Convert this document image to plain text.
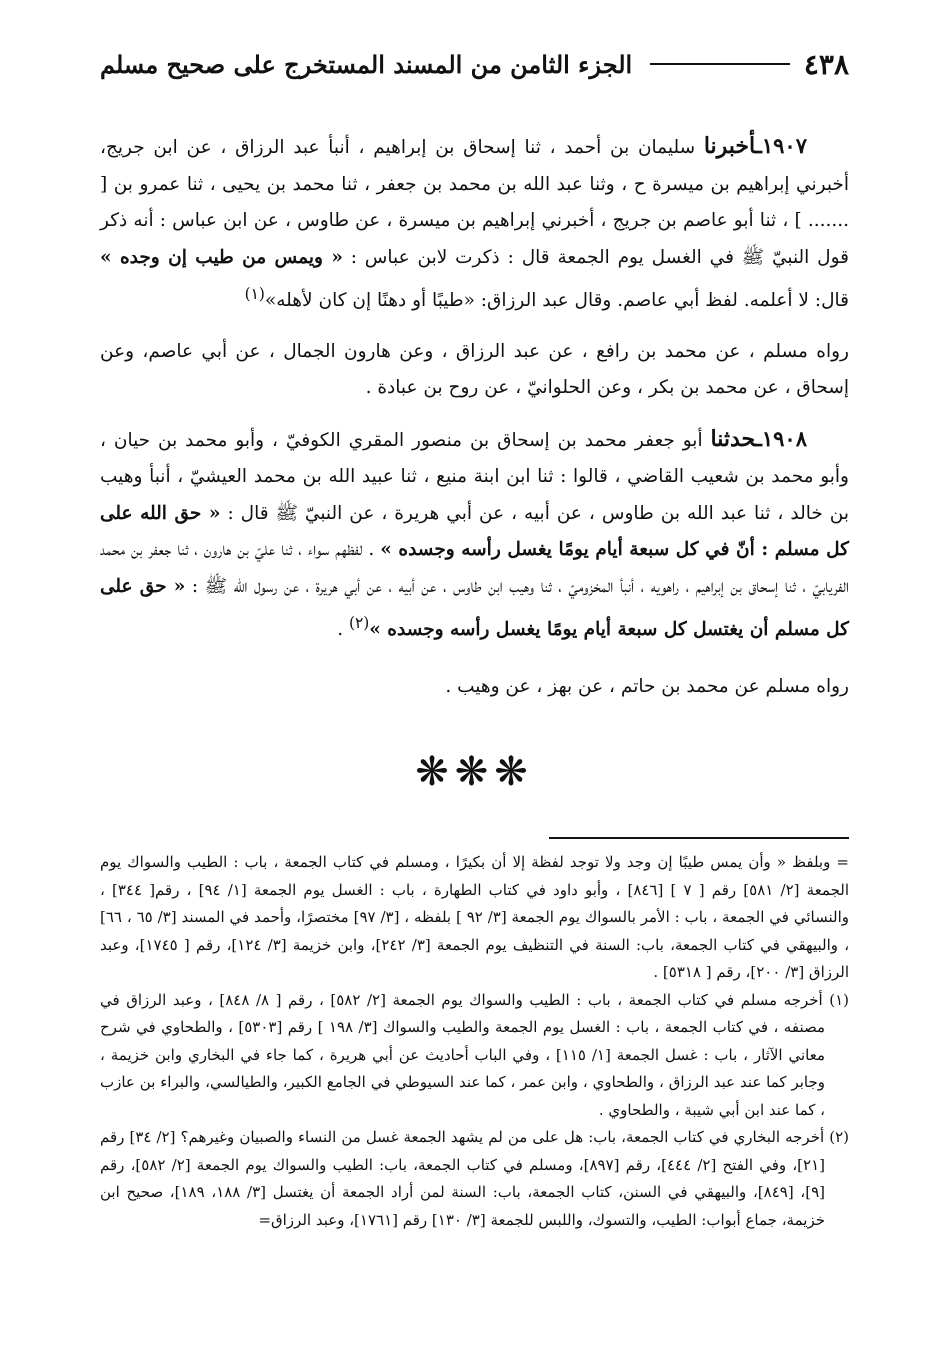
٤٣٨
الجزء الثامن من المسند المستخرج على صحيح مسلم

١٩٠٧ـأخبرنا سليمان بن أحمد ، ثنا إسحاق بن إبراهيم ، أنبأ عبد الرزاق ، عن ابن جريج، أخبرني إبراهيم بن ميسرة ح ، وثنا عبد الله بن محمد بن جعفر ، ثنا محمد بن يحيى ، ثنا عمرو بن [ ....... ] ، ثنا أبو عاصم بن جريج ، أخبرني إبراهيم بن ميسرة ، عن طاوس ، عن ابن عباس : أنه ذكر قول النبيّ ﷺ في الغسل يوم الجمعة قال : ذكرت لابن عباس : « ويمس من طيب إن وجده » قال: لا أعلمه. لفظ أبي عاصم. وقال عبد الرزاق: «طيبًا أو دهنًا إن كان لأهله»$^{(١)}$

رواه مسلم ، عن محمد بن رافع ، عن عبد الرزاق ، وعن هارون الجمال ، عن أبي عاصم، وعن إسحاق ، عن محمد بن بكر ، وعن الحلوانيّ ، عن روح بن عبادة .

١٩٠٨ـحدثنا أبو جعفر محمد بن إسحاق بن منصور المقري الكوفيّ ، وأبو محمد بن حيان ، وأبو محمد بن شعيب القاضي ، قالوا : ثنا ابن ابنة منيع ، ثنا عبيد الله بن محمد العيشيّ ، أنبأ وهيب بن خالد ، ثنا عبد الله بن طاوس ، عن أبيه ، عن أبي هريرة ، عن النبيّ ﷺ قال : « حق الله على كل مسلم : أنّ في كل سبعة أيام يومًا يغسل رأسه وجسده » . لفظهم سواء ، ثنا عليّ بن هارون ، ثنا جعفر بن محمد الفريابيّ ، ثنا إسحاق بن إبراهيم ، راهويه ، أنبأ المخزوميّ ، ثنا وهيب ابن طاوس ، عن أبيه ، عن أبي هريرة ، عن رسول الله ﷺ : « حق على كل مسلم أن يغتسل كل سبعة أيام يومًا يغسل رأسه وجسده »$^{(٢)}$ .

رواه مسلم عن محمد بن حاتم ، عن بهز ، عن وهيب .

❋❋❋

= وبلفظ « وأن يمس طيبًا إن وجد ولا توجد لفظة إلا أن بكيرًا ، ومسلم في كتاب الجمعة ، باب : الطيب والسواك يوم الجمعة [٢/ ٥٨١] رقم [ ٧ ] [٨٤٦] ، وأبو داود في كتاب الطهارة ، باب : الغسل يوم الجمعة [١/ ٩٤] ، رقم[ ٣٤٤] ، والنسائي في الجمعة ، باب : الأمر بالسواك يوم الجمعة [٣/ ٩٢ ] بلفظه ، [٣/ ٩٧] مختصرًا، وأحمد في المسند [٣/ ٦٥ ، ٦٦] ، والبيهقي في كتاب الجمعة، باب: السنة في التنظيف يوم الجمعة [٣/ ٢٤٢]، وابن خزيمة [٣/ ١٢٤]، رقم [ ١٧٤٥]، وعبد الرزاق [٣/ ٢٠٠]، رقم [ ٥٣١٨] .

(١) أخرجه مسلم في كتاب الجمعة ، باب : الطيب والسواك يوم الجمعة [٢/ ٥٨٢] ، رقم [ ٨/ ٨٤٨] ، وعبد الرزاق في مصنفه ، في كتاب الجمعة ، باب : الغسل يوم الجمعة والطيب والسواك [٣/ ١٩٨ ] رقم [٥٣٠٣] ، والطحاوي في شرح معاني الآثار ، باب : غسل الجمعة [١/ ١١٥] ، وفي الباب أحاديث عن أبي هريرة ، كما جاء في البخاري وابن خزيمة ، وجابر كما عند عبد الرزاق ، والطحاوي ، وابن عمر ، كما عند السيوطي في الجامع الكبير، والطيالسي، والبراء بن عازب ، كما عند ابن أبي شيبة ، والطحاوي .

(٢) أخرجه البخاري في كتاب الجمعة، باب: هل على من لم يشهد الجمعة غسل من النساء والصبيان وغيرهم؟ [٢/ ٣٤] رقم [٢١]، وفي الفتح [٢/ ٤٤٤]، رقم [٨٩٧]، ومسلم في كتاب الجمعة، باب: الطيب والسواك يوم الجمعة [٢/ ٥٨٢]، رقم [٩]، [٨٤٩]، والبيهقي في السنن، كتاب الجمعة، باب: السنة لمن أراد الجمعة أن يغتسل [٣/ ١٨٨، ١٨٩]، صحيح ابن خزيمة، جماع أبواب: الطيب، والتسوك، واللبس للجمعة [٣/ ١٣٠] رقم [١٧٦١]، وعبد الرزاق=
